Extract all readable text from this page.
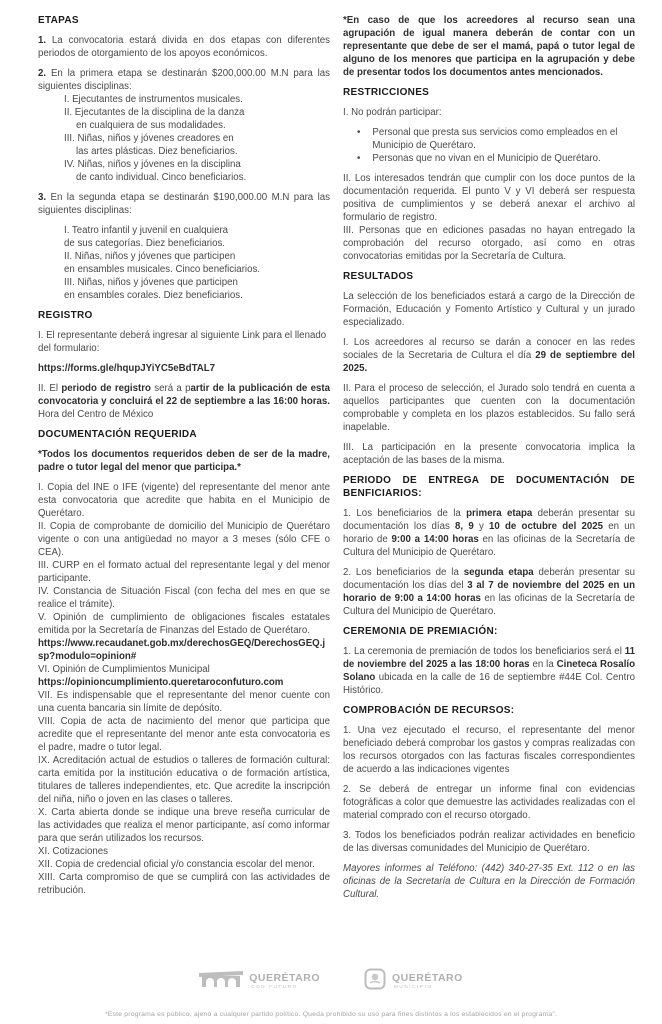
ETAPAS

1. La convocatoria estará divida en dos etapas con diferentes periodos de otorgamiento de los apoyos económicos.

2. En la primera etapa se destinarán $200,000.00 M.N para las siguientes disciplinas:

I. Ejecutantes de instrumentos musicales.
II. Ejecutantes de la disciplina de la danza
en cualquiera de sus modalidades.
III. Niñas, niños y jóvenes creadores en
las artes plásticas. Diez beneficiarios.
IV. Niñas, niños y jóvenes en la disciplina
de canto individual. Cinco beneficiarios.

3. En la segunda etapa se destinarán $190,000.00 M.N para las siguientes disciplinas:

I. Teatro infantil y juvenil en cualquiera
de sus categorías. Diez beneficiarios.
II. Niñas, niños y jóvenes que participen
en ensambles musicales. Cinco beneficiarios.
III. Niñas, niños y jóvenes que participen
en ensambles corales. Diez beneficiarios.
REGISTRO

I. El representante deberá ingresar al siguiente Link para el llenado del formulario:

https://forms.gle/hqupJYiYC5eBdTAL7

II. El periodo de registro será a partir de la publicación de esta convocatoria y concluirá el 22 de septiembre a las 16:00 horas. Hora del Centro de México

DOCUMENTACIÓN REQUERIDA

*Todos los documentos requeridos deben de ser de la madre, padre o tutor legal del menor que participa.*

I. Copia del INE o IFE (vigente) del representante del menor ante esta convocatoria que acredite que habita en el Municipio de Querétaro.

II. Copia de comprobante de domicilio del Municipio de Querétaro vigente o con una antigüedad no mayor a 3 meses (sólo CFE o CEA).

III. CURP en el formato actual del representante legal y del menor participante.

IV. Constancia de Situación Fiscal (con fecha del mes en que se realice el trámite).

V. Opinión de cumplimiento de obligaciones fiscales estatales emitida por la Secretaría de Finanzas del Estado de Querétaro.

https://www.recaudanet.gob.mx/derechosGEQ/DerechosGEQ.jsp?modulo=opinion#

VI. Opinión de Cumplimientos Municipal

https://opinioncumplimiento.queretaroconfuturo.com

VII. Es indispensable que el representante del menor cuente con una cuenta bancaria sin límite de depósito.

VIII. Copia de acta de nacimiento del menor que participa que acredite que el representante del menor ante esta convocatoria es el padre, madre o tutor legal.

IX. Acreditación actual de estudios o talleres de formación cultural: carta emitida por la institución educativa o de formación artística, titulares de talleres independientes, etc. Que acredite la inscripción del niña, niño o joven en las clases o talleres.

X. Carta abierta donde se indique una breve reseña curricular de las actividades que realiza el menor participante, así como informar para que serán utilizados los recursos.

XI. Cotizaciones

XII. Copia de credencial oficial y/o constancia escolar del menor.

XIII. Carta compromiso de que se cumplirá con las actividades de retribución.

*En caso de que los acreedores al recurso sean una agrupación de igual manera deberán de contar con un representante que debe de ser el mamá, papá o tutor legal de alguno de los menores que participa en la agrupación y debe de presentar todos los documentos antes mencionados.

RESTRICCIONES

I. No podrán participar:

• Personal que presta sus servicios como empleados en el Municipio de Querétaro.
• Personas que no vivan en el Municipio de Querétaro.

II. Los interesados tendrán que cumplir con los doce puntos de la documentación requerida. El punto V y VI deberá ser respuesta positiva de cumplimientos y se deberá anexar el archivo al formulario de registro.

III. Personas que en ediciones pasadas no hayan entregado la comprobación del recurso otorgado, así como en otras convocatorias emitidas por la Secretaría de Cultura.

RESULTADOS

La selección de los beneficiados estará a cargo de la Dirección de Formación, Educación y Fomento Artístico y Cultural y un jurado especializado.

I. Los acreedores al recurso se darán a conocer en las redes sociales de la Secretaria de Cultura el día 29 de septiembre del 2025.

II. Para el proceso de selección, el Jurado solo tendrá en cuenta a aquellos participantes que cuenten con la documentación comprobable y completa en los plazos establecidos. Su fallo será inapelable.

III. La participación en la presente convocatoria implica la aceptación de las bases de la misma.

PERIODO DE ENTREGA DE DOCUMENTACIÓN DE BENFICIARIOS:

1. Los beneficiarios de la primera etapa deberán presentar su documentación los días 8, 9 y 10 de octubre del 2025 en un horario de 9:00 a 14:00 horas en las oficinas de la Secretaría de Cultura del Municipio de Querétaro.

2. Los beneficiarios de la segunda etapa deberán presentar su documentación los días del 3 al 7 de noviembre del 2025 en un horario de 9:00 a 14:00 horas en las oficinas de la Secretaría de Cultura del Municipio de Querétaro.

CEREMONIA DE PREMIACIÓN:

1. La ceremonia de premiación de todos los beneficiarios será el 11 de noviembre del 2025 a las 18:00 horas en la Cineteca Rosalío Solano ubicada en la calle de 16 de septiembre #44E Col. Centro Histórico.

COMPROBACIÓN DE RECURSOS:

1. Una vez ejecutado el recurso, el representante del menor beneficiado deberá comprobar los gastos y compras realizadas con los recursos otorgados con las facturas fiscales correspondientes de acuerdo a las indicaciones vigentes

2. Se deberá de entregar un informe final con evidencias fotográficas a color que demuestre las actividades realizadas con el material comprado con el recurso otorgado.

3. Todos los beneficiados podrán realizar actividades en beneficio de las diversas comunidades del Municipio de Querétaro.

Mayores informes al Teléfono: (442) 340-27-35 Ext. 112 o en las oficinas de la Secretaría de Cultura en la Dirección de Formación Cultural.

QUERÉTARO
CON FUTURO
QUERÉTARO
MUNICIPIO
*Este programa es público, ajeno a cualquier partido político. Queda prohibido su uso para fines distintos a los establecidos en el programa".
